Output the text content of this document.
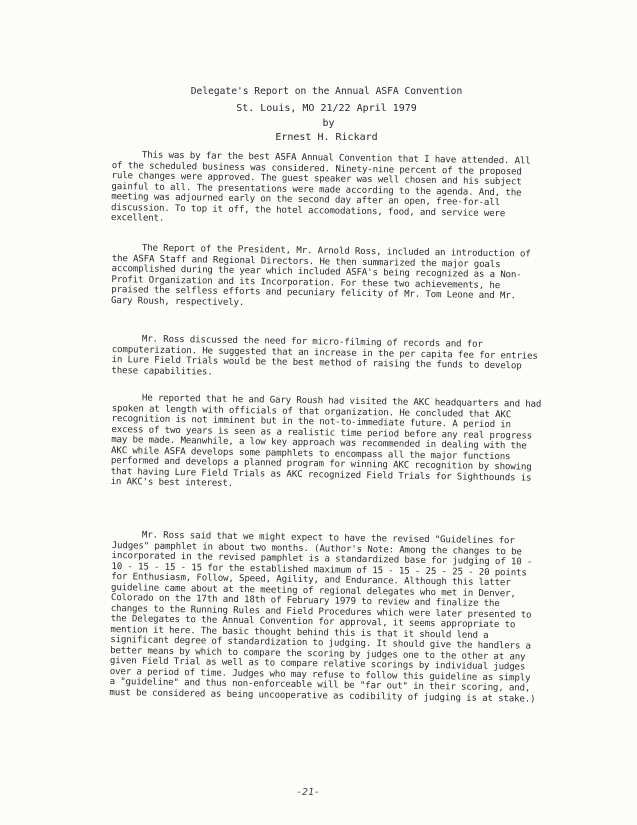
Delegate's Report on the Annual ASFA Convention
St. Louis, MO 21/22 April 1979
by
Ernest H. Rickard

This was by far the best ASFA Annual Convention that I have attended. All of the scheduled business was considered. Ninety-nine percent of the proposed rule changes were approved. The guest speaker was well chosen and his subject gainful to all. The presentations were made according to the agenda. And, the meeting was adjourned early on the second day after an open, free-for-all discussion. To top it off, the hotel accomodations, food, and service were excellent.

The Report of the President, Mr. Arnold Ross, included an introduction of the ASFA Staff and Regional Directors. He then summarized the major goals accomplished during the year which included ASFA's being recognized as a Non-Profit Organization and its Incorporation. For these two achievements, he praised the selfless efforts and pecuniary felicity of Mr. Tom Leone and Mr. Gary Roush, respectively.

Mr. Ross discussed the need for micro-filming of records and for computerization. He suggested that an increase in the per capita fee for entries in Lure Field Trials would be the best method of raising the funds to develop these capabilities.

He reported that he and Gary Roush had visited the AKC headquarters and had spoken at length with officials of that organization. He concluded that AKC recognition is not imminent but in the not-to-immediate future. A period in excess of two years is seen as a realistic time period before any real progress may be made. Meanwhile, a low key approach was recommended in dealing with the AKC while ASFA develops some pamphlets to encompass all the major functions performed and develops a planned program for winning AKC recognition by showing that having Lure Field Trials as AKC recognized Field Trials for Sighthounds is in AKC's best interest.

Mr. Ross said that we might expect to have the revised "Guidelines for Judges" pamphlet in about two months. (Author's Note: Among the changes to be incorporated in the revised pamphlet is a standardized base for judging of 10 - 10 - 15 - 15 - 15 for the established maximum of 15 - 15 - 25 - 25 - 20 points for Enthusiasm, Follow, Speed, Agility, and Endurance. Although this latter guideline came about at the meeting of regional delegates who met in Denver, Colorado on the 17th and 18th of February 1979 to review and finalize the changes to the Running Rules and Field Procedures which were later presented to the Delegates to the Annual Convention for approval, it seems appropriate to mention it here. The basic thought behind this is that it should lend a significant degree of standardization to judging. It should give the handlers a better means by which to compare the scoring by judges one to the other at any given Field Trial as well as to compare relative scorings by individual judges over a period of time. Judges who may refuse to follow this guideline as simply a "guideline" and thus non-enforceable will be "far out" in their scoring, and, must be considered as being uncooperative as codibility of judging is at stake.)

-21-
